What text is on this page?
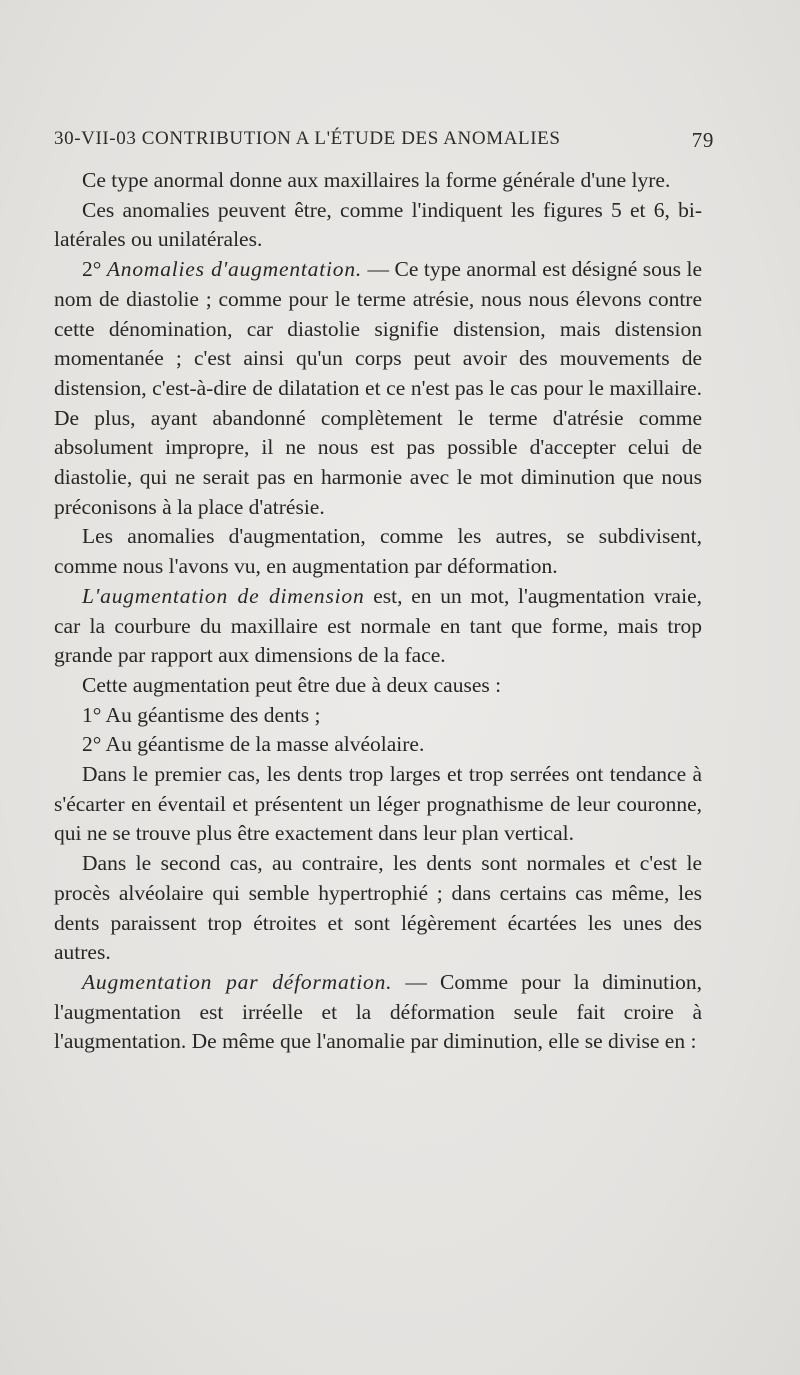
30-VII-03 CONTRIBUTION A L'ÉTUDE DES ANOMALIES	79

Ce type anormal donne aux maxillaires la forme générale d'une lyre.

Ces anomalies peuvent être, comme l'indiquent les figures 5 et 6, bi-latérales ou unilatérales.

2° Anomalies d'augmentation. — Ce type anormal est désigné sous le nom de diastolie ; comme pour le terme atrésie, nous nous élevons contre cette dénomination, car diastolie signifie distension, mais distension momentanée ; c'est ainsi qu'un corps peut avoir des mouvements de distension, c'est-à-dire de dilatation et ce n'est pas le cas pour le maxillaire. De plus, ayant abandonné complètement le terme d'atrésie comme absolument impropre, il ne nous est pas possible d'accepter celui de diastolie, qui ne serait pas en harmonie avec le mot diminution que nous préconisons à la place d'atrésie.

Les anomalies d'augmentation, comme les autres, se subdivisent, comme nous l'avons vu, en augmentation par déformation.

L'augmentation de dimension est, en un mot, l'augmentation vraie, car la courbure du maxillaire est normale en tant que forme, mais trop grande par rapport aux dimensions de la face.

Cette augmentation peut être due à deux causes :

1° Au géantisme des dents ;

2° Au géantisme de la masse alvéolaire.

Dans le premier cas, les dents trop larges et trop serrées ont tendance à s'écarter en éventail et présentent un léger prognathisme de leur couronne, qui ne se trouve plus être exactement dans leur plan vertical.

Dans le second cas, au contraire, les dents sont normales et c'est le procès alvéolaire qui semble hypertrophié ; dans certains cas même, les dents paraissent trop étroites et sont légèrement écartées les unes des autres.

Augmentation par déformation. — Comme pour la diminution, l'augmentation est irréelle et la déformation seule fait croire à l'augmentation. De même que l'anomalie par diminution, elle se divise en :
